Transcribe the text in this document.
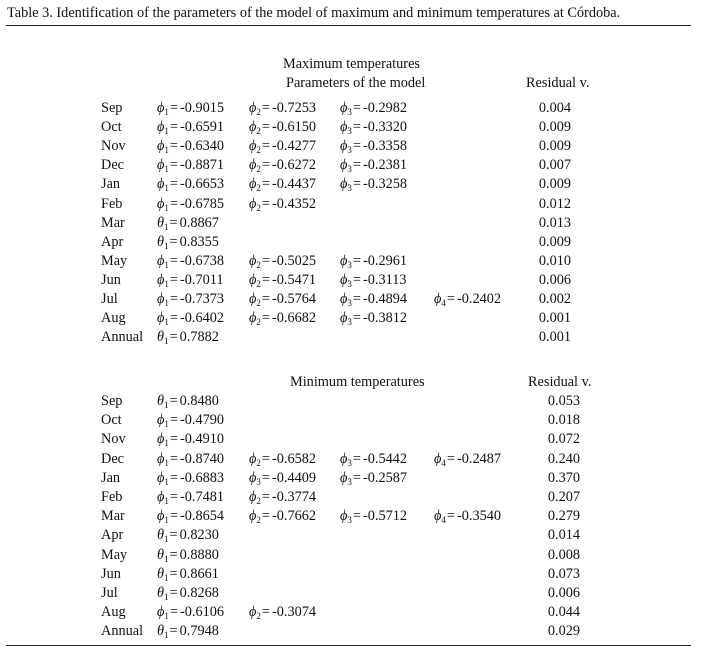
Table 3. Identification of the parameters of the model of maximum and minimum temperatures at Córdoba.
Maximum temperatures
Parameters of the model	Residual v.
Sep $\phi_1= -0.9015$ $\phi_2= -0.7253$ $\phi_3= -0.2982$	0.004
Oct $\phi_1= -0.6591$ $\phi_2= -0.6150$ $\phi_3= -0.3320$	0.009
Nov $\phi_1= -0.6340$ $\phi_2= -0.4277$ $\phi_3= -0.3358$	0.009
Dec $\phi_1= -0.8871$ $\phi_2= -0.6272$ $\phi_3= -0.2381$	0.007
Jan	$\phi_1= -0.6653$ $\phi_2= -0.4437$ $\phi_3= -0.3258$	0.009
Feb $\phi_1= -0.6785$ $\phi_2= -0.4352$	0.012
Mar $\theta_1= 0.8867$	0.013
Apr $\theta_1= 0.8355$	0.009
May $\phi_1= -0.6738$ $\phi_2= -0.5025$ $\phi_3= -0.2961$	0.010
Jun	$\phi_1= -0.7011$ $\phi_2= -0.5471$ $\phi_3= -0.3113$	0.006
Jul	$\phi_1= -0.7373$ $\phi_2= -0.5764$ $\phi_3= -0.4894$ $\phi_4= -0.2402$	0.002
Aug $\phi_1= -0.6402$ $\phi_2= -0.6682$ $\phi_3= -0.3812$	0.001
Annual $\theta_1= 0.7882$	0.001
Minimum temperatures	Residual v.
Sep $\theta_1= 0.8480$	0.053
Oct $\phi_1= -0.4790$	0.018
Nov $\phi_1= -0.4910$	0.072
Dec $\phi_1= -0.8740$ $\phi_2= -0.6582$ $\phi_3= -0.5442$ $\phi_4= -0.2487$	0.240
Jan	$\phi_1= -0.6883$ $\phi_3= -0.4409$ $\phi_3= -0.2587$	0.370
Feb $\phi_1= -0.7481$ $\phi_2= -0.3774$	0.207
Mar $\phi_1= -0.8654$ $\phi_2= -0.7662$ $\phi_3= -0.5712$ $\phi_4= -0.3540$	0.279
Apr $\theta_1= 0.8230$	0.014
May $\theta_1= 0.8880$	0.008
Jun	$\theta_1= 0.8661$	0.073
Jul	$\theta_1= 0.8268$	0.006
Aug $\phi_1= -0.6106$ $\phi_2= -0.3074$	0.044
Annual $\theta_1= 0.7948$	0.029
